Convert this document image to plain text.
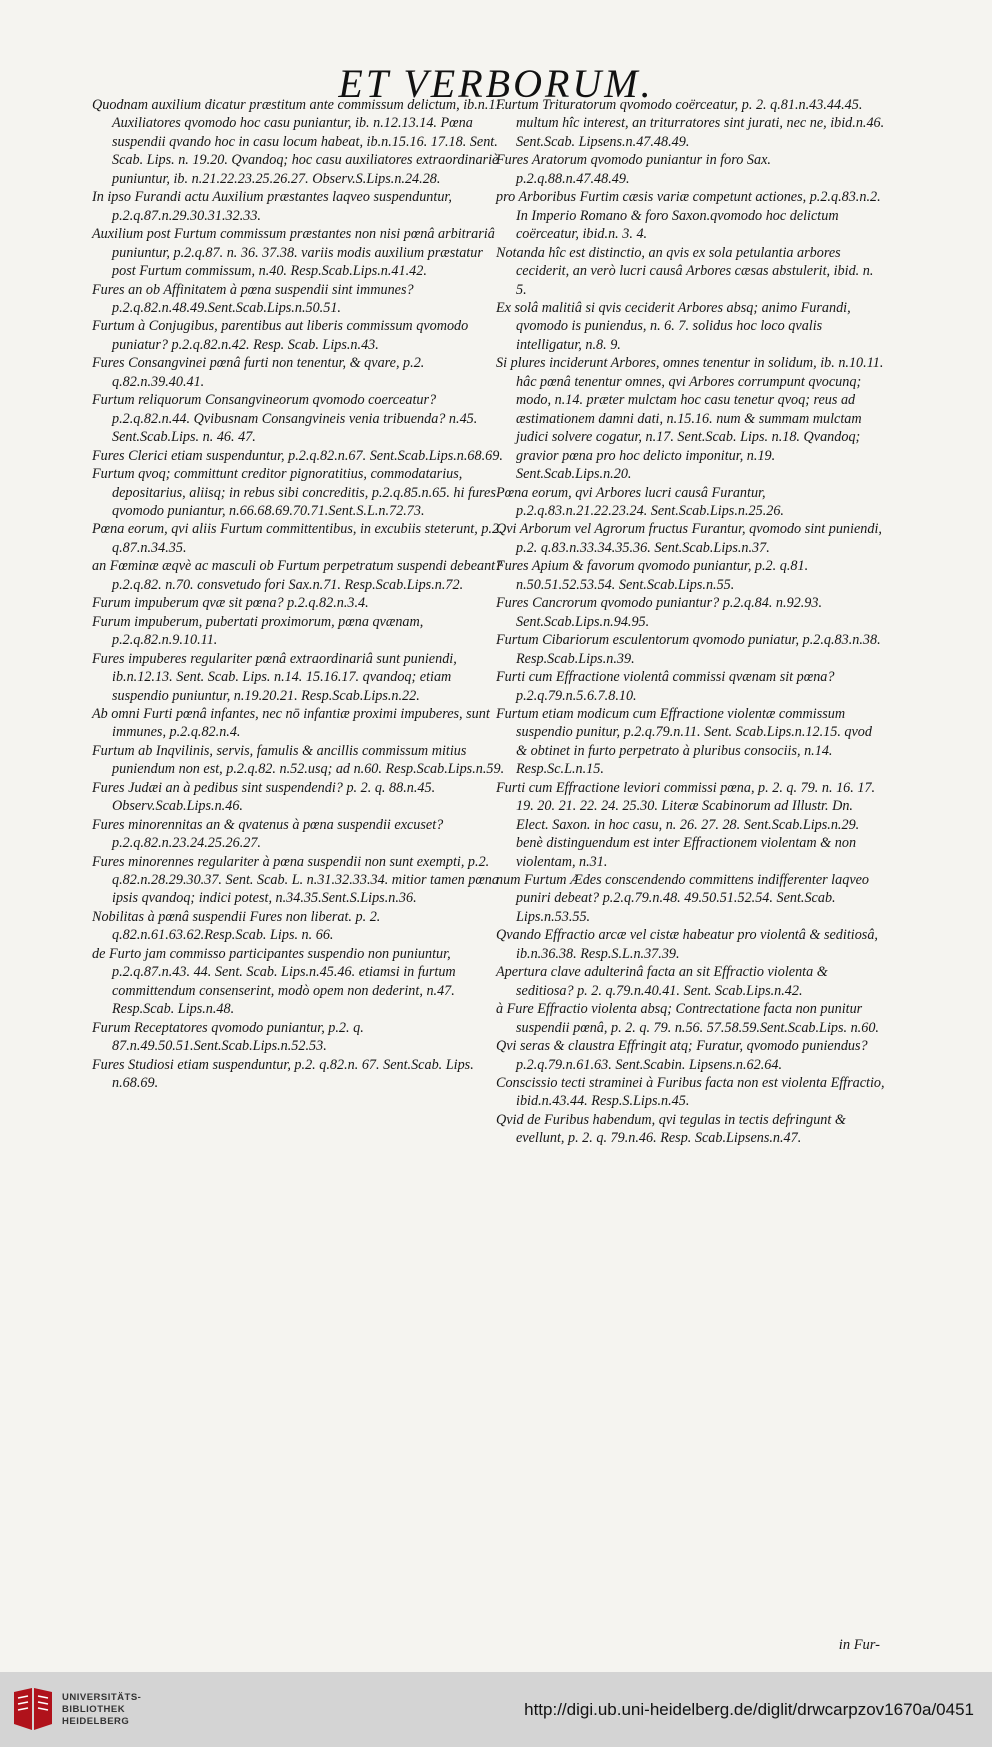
ET VERBORUM.
Quodnam auxilium dicatur præstitum ante commissum delictum, ib.n.11. Auxiliatores qvomodo hoc casu puniantur, ib. n.12.13.14. Pœna suspendii qvando hoc in casu locum habeat, ib.n.15.16. 17.18. Sent. Scab. Lips. n. 19.20. Qvandoq; hoc casu auxiliatores extraordinariè puniuntur, ib. n.21.22.23.25.26.27. Observ.S.Lips.n.24.28.
In ipso Furandi actu Auxilium præstantes laqveo suspenduntur, p.2.q.87.n.29.30.31.32.33.
Auxilium post Furtum commissum præstantes non nisi pœnâ arbitrariâ puniuntur, p.2.q.87. n. 36. 37.38. variis modis auxilium præstatur post Furtum commissum, n.40. Resp.Scab.Lips.n.41.42.
Fures an ob Affinitatem à pœna suspendii sint immunes? p.2.q.82.n.48.49.Sent.Scab.Lips.n.50.51.
Furtum à Conjugibus, parentibus aut liberis commissum qvomodo puniatur? p.2.q.82.n.42. Resp. Scab. Lips.n.43.
Fures Consangvinei pœnâ furti non tenentur, & qvare, p.2. q.82.n.39.40.41.
Furtum reliquorum Consangvineorum qvomodo coerceatur? p.2.q.82.n.44. Qvibusnam Consangvineis venia tribuenda? n.45. Sent.Scab.Lips. n. 46. 47.
Fures Clerici etiam suspenduntur, p.2.q.82.n.67. Sent.Scab.Lips.n.68.69.
Furtum qvoq; committunt creditor pignoratitius, commodatarius, depositarius, aliisq; in rebus sibi concreditis, p.2.q.85.n.65. hi fures qvomodo puniantur, n.66.68.69.70.71.Sent.S.L.n.72.73.
Pœna eorum, qvi aliis Furtum committentibus, in excubiis steterunt, p.2. q.87.n.34.35.
an Fœminæ æqvè ac masculi ob Furtum perpetratum suspendi debeant? p.2.q.82. n.70. consvetudo fori Sax.n.71. Resp.Scab.Lips.n.72.
Furum impuberum qvæ sit pœna? p.2.q.82.n.3.4.
Furum impuberum, pubertati proximorum, pœna qvænam, p.2.q.82.n.9.10.11.
Fures impuberes regulariter pœnâ extraordinariâ sunt puniendi, ib.n.12.13. Sent. Scab. Lips. n.14. 15.16.17. qvandoq; etiam suspendio puniuntur, n.19.20.21. Resp.Scab.Lips.n.22.
Ab omni Furti pœnâ infantes, nec nō infantiæ proximi impuberes, sunt immunes, p.2.q.82.n.4.
Furtum ab Inqvilinis, servis, famulis & ancillis commissum mitius puniendum non est, p.2.q.82. n.52.usq; ad n.60. Resp.Scab.Lips.n.59.
Fures Judæi an à pedibus sint suspendendi? p. 2. q. 88.n.45. Observ.Scab.Lips.n.46.
Fures minorennitas an & qvatenus à pœna suspendii excuset? p.2.q.82.n.23.24.25.26.27.
Fures minorennes regulariter à pœna suspendii non sunt exempti, p.2. q.82.n.28.29.30.37. Sent. Scab. L. n.31.32.33.34. mitior tamen pœna ipsis qvandoq; indici potest, n.34.35.Sent.S.Lips.n.36.
Nobilitas à pœnâ suspendii Fures non liberat. p. 2. q.82.n.61.63.62.Resp.Scab. Lips. n. 66.
de Furto jam commisso participantes suspendio non puniuntur, p.2.q.87.n.43. 44. Sent. Scab. Lips.n.45.46. etiamsi in furtum committendum consenserint, modò opem non dederint, n.47. Resp.Scab. Lips.n.48.
Furum Receptatores qvomodo puniantur, p.2. q. 87.n.49.50.51.Sent.Scab.Lips.n.52.53.
Fures Studiosi etiam suspenduntur, p.2. q.82.n. 67. Sent.Scab. Lips. n.68.69.
Furtum Trituratorum qvomodo coërceatur, p. 2. q.81.n.43.44.45. multum hîc interest, an triturratores sint jurati, nec ne, ibid.n.46. Sent.Scab. Lipsens.n.47.48.49.
Fures Aratorum qvomodo puniantur in foro Sax. p.2.q.88.n.47.48.49.
pro Arboribus Furtim cæsis variæ competunt actiones, p.2.q.83.n.2. In Imperio Romano & foro Saxon.qvomodo hoc delictum coërceatur, ibid.n. 3. 4.
Notanda hîc est distinctio, an qvis ex sola petulantia arbores ceciderit, an verò lucri causâ Arbores cæsas abstulerit, ibid. n. 5.
Ex solâ malitiâ si qvis ceciderit Arbores absq; animo Furandi, qvomodo is puniendus, n. 6. 7. solidus hoc loco qvalis intelligatur, n.8. 9.
Si plures inciderunt Arbores, omnes tenentur in solidum, ib. n.10.11. hâc pœnâ tenentur omnes, qvi Arbores corrumpunt qvocunq; modo, n.14. præter mulctam hoc casu tenetur qvoq; reus ad æstimationem damni dati, n.15.16. num & summam mulctam judici solvere cogatur, n.17. Sent.Scab. Lips. n.18. Qvandoq; gravior pœna pro hoc delicto imponitur, n.19. Sent.Scab.Lips.n.20.
Pœna eorum, qvi Arbores lucri causâ Furantur, p.2.q.83.n.21.22.23.24. Sent.Scab.Lips.n.25.26.
Qvi Arborum vel Agrorum fructus Furantur, qvomodo sint puniendi, p.2. q.83.n.33.34.35.36. Sent.Scab.Lips.n.37.
Fures Apium & favorum qvomodo puniantur, p.2. q.81. n.50.51.52.53.54. Sent.Scab.Lips.n.55.
Fures Cancrorum qvomodo puniantur? p.2.q.84. n.92.93. Sent.Scab.Lips.n.94.95.
Furtum Cibariorum esculentorum qvomodo puniatur, p.2.q.83.n.38. Resp.Scab.Lips.n.39.
Furti cum Effractione violentâ commissi qvænam sit pœna? p.2.q.79.n.5.6.7.8.10.
Furtum etiam modicum cum Effractione violentæ commissum suspendio punitur, p.2.q.79.n.11. Sent. Scab.Lips.n.12.15. qvod & obtinet in furto perpetrato à pluribus consociis, n.14. Resp.Sc.L.n.15.
Furti cum Effractione leviori commissi pœna, p. 2. q. 79. n. 16. 17. 19. 20. 21. 22. 24. 25.30. Literæ Scabinorum ad Illustr. Dn. Elect. Saxon. in hoc casu, n. 26. 27. 28. Sent.Scab.Lips.n.29. benè distinguendum est inter Effractionem violentam & non violentam, n.31.
num Furtum Ædes conscendendo committens indifferenter laqveo puniri debeat? p.2.q.79.n.48. 49.50.51.52.54. Sent.Scab. Lips.n.53.55.
Qvando Effractio arcæ vel cistæ habeatur pro violentâ & seditiosâ, ib.n.36.38. Resp.S.L.n.37.39.
Apertura clave adulterinâ facta an sit Effractio violenta & seditiosa? p. 2. q.79.n.40.41. Sent. Scab.Lips.n.42.
à Fure Effractio violenta absq; Contrectatione facta non punitur suspendii pœnâ, p. 2. q. 79. n.56. 57.58.59.Sent.Scab.Lips. n.60.
Qvi seras & claustra Effringit atq; Furatur, qvomodo puniendus? p.2.q.79.n.61.63. Sent.Scabin. Lipsens.n.62.64.
Conscissio tecti straminei à Furibus facta non est violenta Effractio, ibid.n.43.44. Resp.S.Lips.n.45.
Qvid de Furibus habendum, qvi tegulas in tectis defringunt & evellunt, p. 2. q. 79.n.46. Resp. Scab.Lipsens.n.47.
in Fur-
UNIVERSITÄTS-
BIBLIOTHEK
HEIDELBERG
http://digi.ub.uni-heidelberg.de/diglit/drwcarpzov1670a/0451
